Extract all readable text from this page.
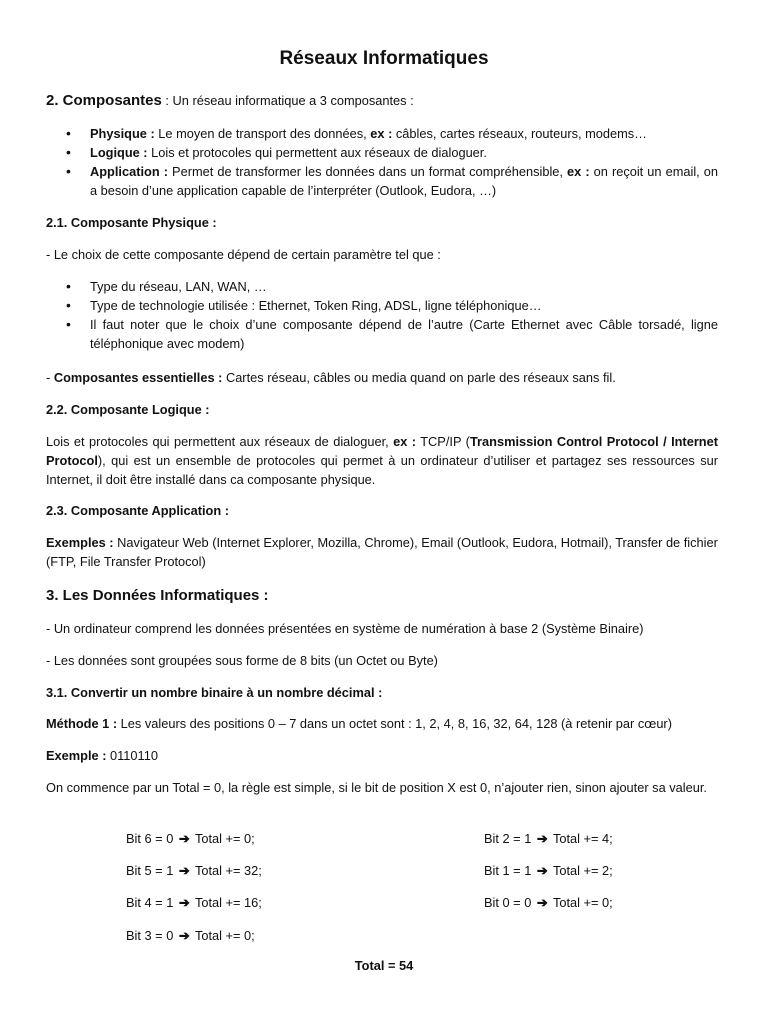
Réseaux Informatiques
2. Composantes : Un réseau informatique a 3 composantes :
• Physique : Le moyen de transport des données, ex : câbles, cartes réseaux, routeurs, modems…
• Logique : Lois et protocoles qui permettent aux réseaux de dialoguer.
• Application : Permet de transformer les données dans un format compréhensible, ex : on reçoit un email, on a besoin d’une application capable de l’interpréter (Outlook, Eudora, …)
2.1. Composante Physique :
- Le choix de cette composante dépend de certain paramètre tel que :
• Type du réseau, LAN, WAN, …
• Type de technologie utilisée : Ethernet, Token Ring, ADSL, ligne téléphonique…
• Il faut noter que le choix d’une composante dépend de l’autre (Carte Ethernet avec Câble torsadé, ligne téléphonique avec modem)
- Composantes essentielles : Cartes réseau, câbles ou media quand on parle des réseaux sans fil.
2.2. Composante Logique :
Lois et protocoles qui permettent aux réseaux de dialoguer, ex : TCP/IP (Transmission Control Protocol / Internet Protocol), qui est un ensemble de protocoles qui permet à un ordinateur d’utiliser et partagez ses ressources sur Internet, il doit être installé dans ca composante physique.
2.3. Composante Application :
Exemples : Navigateur Web (Internet Explorer, Mozilla, Chrome), Email (Outlook, Eudora, Hotmail), Transfer de fichier (FTP, File Transfer Protocol)
3. Les Données Informatiques :
- Un ordinateur comprend les données présentées en système de numération à base 2 (Système Binaire)
- Les données sont groupées sous forme de 8 bits (un Octet ou Byte)
3.1. Convertir un nombre binaire à un nombre décimal :
Méthode 1 : Les valeurs des positions 0 – 7 dans un octet sont : 1, 2, 4, 8, 16, 32, 64, 128 (à retenir par cœur)
Exemple : 0110110
On commence par un Total = 0, la règle est simple, si le bit de position X est 0, n’ajouter rien, sinon ajouter sa valeur.
Bit 6 = 0 ➔ Total += 0;
Bit 5 = 1 ➔ Total += 32;
Bit 4 = 1 ➔ Total += 16;
Bit 3 = 0 ➔ Total += 0;
Bit 2 = 1 ➔ Total += 4;
Bit 1 = 1 ➔ Total += 2;
Bit 0 = 0 ➔ Total += 0;
Total = 54
